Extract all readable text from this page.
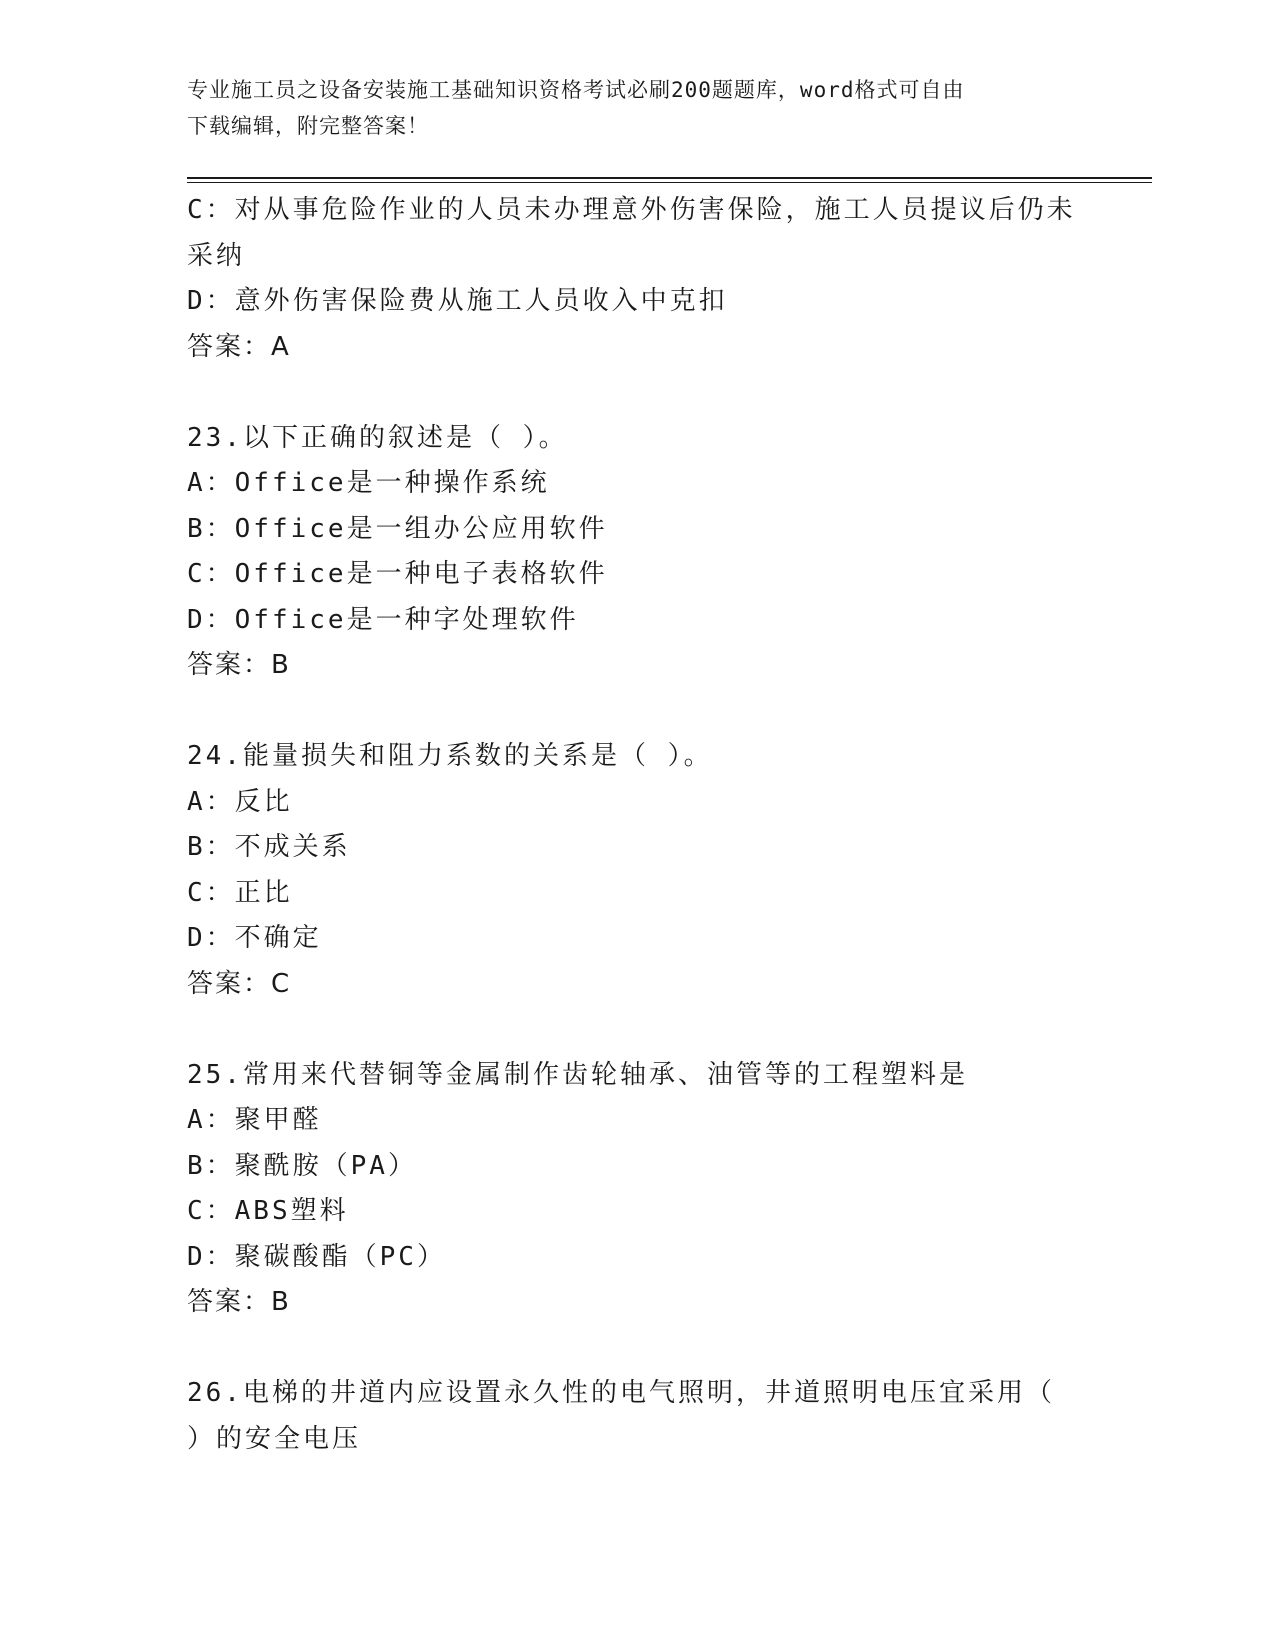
专业施工员之设备安装施工基础知识资格考试必刷200题题库，word格式可自由
下载编辑，附完整答案！

C：对从事危险作业的人员未办理意外伤害保险，施工人员提议后仍未

采纳

D：意外伤害保险费从施工人员收入中克扣

答案：A

23.以下正确的叙述是（ ）。

A：Office是一种操作系统

B：Office是一组办公应用软件

C：Office是一种电子表格软件

D：Office是一种字处理软件

答案：B

24.能量损失和阻力系数的关系是（ ）。

A：反比

B：不成关系

C：正比

D：不确定

答案：C

25.常用来代替铜等金属制作齿轮轴承、油管等的工程塑料是

A：聚甲醛

B：聚酰胺（PA）

C：ABS塑料

D：聚碳酸酯（PC）

答案：B

26.电梯的井道内应设置永久性的电气照明，井道照明电压宜采用（

）的安全电压
